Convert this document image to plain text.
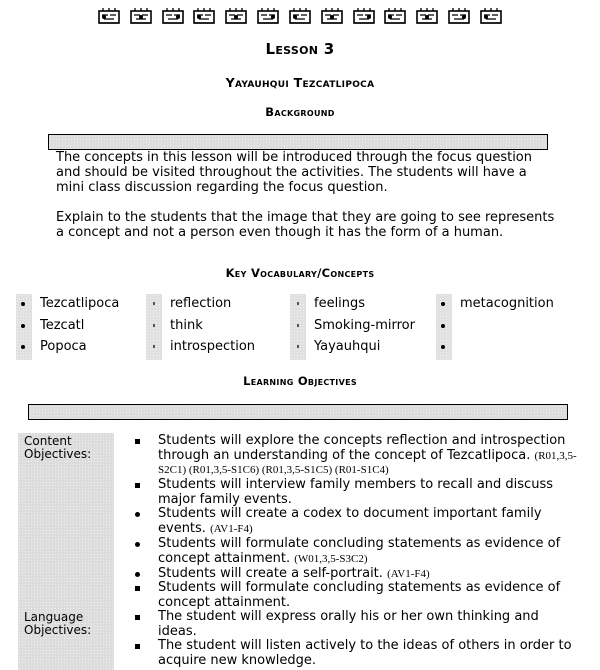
Lesson 3
Yayauhqui Tezcatlipoca
Background
The concepts in this lesson will be introduced through the focus question and should be visited throughout the activities. The students will have a mini class discussion regarding the focus question.
Explain to the students that the image that they are going to see represents a concept and not a person even though it has the form of a human.
Key Vocabulary/Concepts
Tezcatlipoca
Tezcatl
Popoca
reflection
think
introspection
feelings
Smoking-mirror
Yayauhqui
metacognition
Learning Objectives
Content Objectives:
Language Objectives:
Students will explore the concepts reflection and introspection through an understanding of the concept of Tezcatlipoca. (R01,3,5-S2C1) (R01,3,5-S1C6) (R01,3,5-S1C5) (R01-S1C4)
Students will interview family members to recall and discuss major family events.
Students will create a codex to document important family events. (AV1-F4)
Students will formulate concluding statements as evidence of concept attainment. (W01,3,5-S3C2)
Students will create a self-portrait. (AV1-F4)
Students will formulate concluding statements as evidence of concept attainment.
The student will express orally his or her own thinking and ideas.
The student will listen actively to the ideas of others in order to acquire new knowledge.
